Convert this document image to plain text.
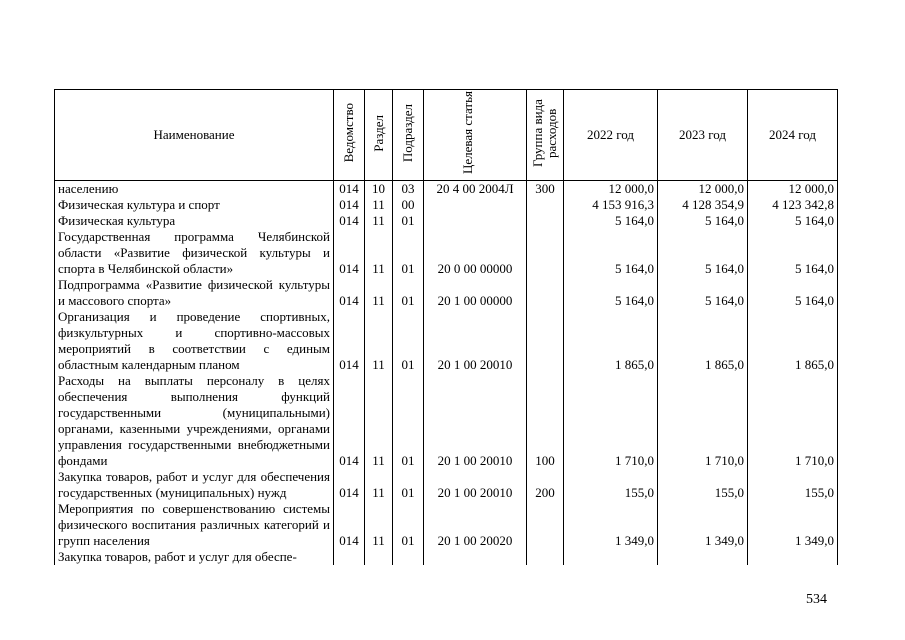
Наименование	Ведомство	Раздел	Подраздел	Целевая статья	Группа вида расходов	2022 год	2023 год	2024 год
населению	014	10	03	20 4 00 2004Л	300	12 000,0	12 000,0	12 000,0
Физическая культура и спорт	014	11	00			4 153 916,3	4 128 354,9	4 123 342,8
Физическая культура	014	11	01			5 164,0	5 164,0	5 164,0
Государственная программа Челябинской области «Развитие физической культуры и спорта в Челябинской области»	014	11	01	20 0 00 00000		5 164,0	5 164,0	5 164,0
Подпрограмма «Развитие физической культуры и массового спорта»	014	11	01	20 1 00 00000		5 164,0	5 164,0	5 164,0
Организация и проведение спортивных, физкультурных и спортивно-массовых мероприятий в соответствии с единым областным календарным планом	014	11	01	20 1 00 20010		1 865,0	1 865,0	1 865,0
Расходы на выплаты персоналу в целях обеспечения выполнения функций государственными (муниципальными) органами, казенными учреждениями, органами управления государственными внебюджетными фондами	014	11	01	20 1 00 20010	100	1 710,0	1 710,0	1 710,0
Закупка товаров, работ и услуг для обеспечения государственных (муниципальных) нужд	014	11	01	20 1 00 20010	200	155,0	155,0	155,0
Мероприятия по совершенствованию системы физического воспитания различных категорий и групп населения	014	11	01	20 1 00 20020		1 349,0	1 349,0	1 349,0
Закупка товаров, работ и услуг для обеспе-								
534
